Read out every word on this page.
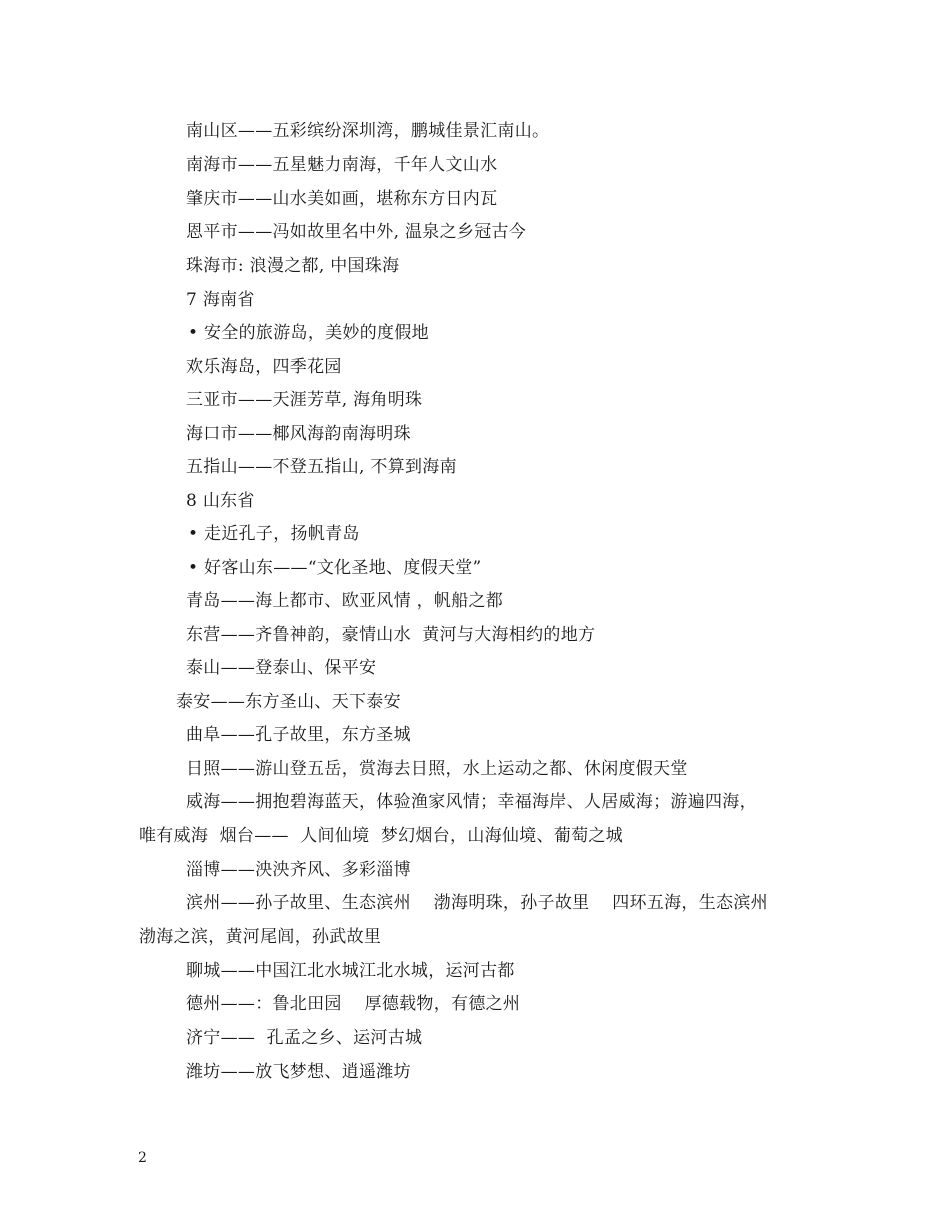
南山区——五彩缤纷深圳湾，鹏城佳景汇南山。
南海市——五星魅力南海，千年人文山水
肇庆市——山水美如画，堪称东方日内瓦
恩平市——冯如故里名中外, 温泉之乡冠古今
珠海市: 浪漫之都, 中国珠海
7 海南省
• 安全的旅游岛，美妙的度假地
欢乐海岛，四季花园
三亚市——天涯芳草, 海角明珠
海口市——椰风海韵南海明珠
五指山——不登五指山, 不算到海南
8 山东省
• 走近孔子，扬帆青岛
• 好客山东——“文化圣地、度假天堂”
青岛——海上都市、欧亚风情 ，帆船之都
东营——齐鲁神韵，豪情山水  黄河与大海相约的地方
泰山——登泰山、保平安
泰安——东方圣山、天下泰安
曲阜——孔子故里，东方圣城
日照——游山登五岳，赏海去日照，水上运动之都、休闲度假天堂
威海——拥抱碧海蓝天，体验渔家风情；幸福海岸、人居威海；游遍四海，
唯有威海  烟台——  人间仙境  梦幻烟台，山海仙境、葡萄之城
淄博——泱泱齐风、多彩淄博
滨州——孙子故里、生态滨州    渤海明珠，孙子故里    四环五海，生态滨州
渤海之滨，黄河尾闾，孙武故里
聊城——中国江北水城江北水城，运河古都
德州——：鲁北田园    厚德载物，有德之州
济宁——  孔孟之乡、运河古城
潍坊——放飞梦想、逍遥潍坊
2
